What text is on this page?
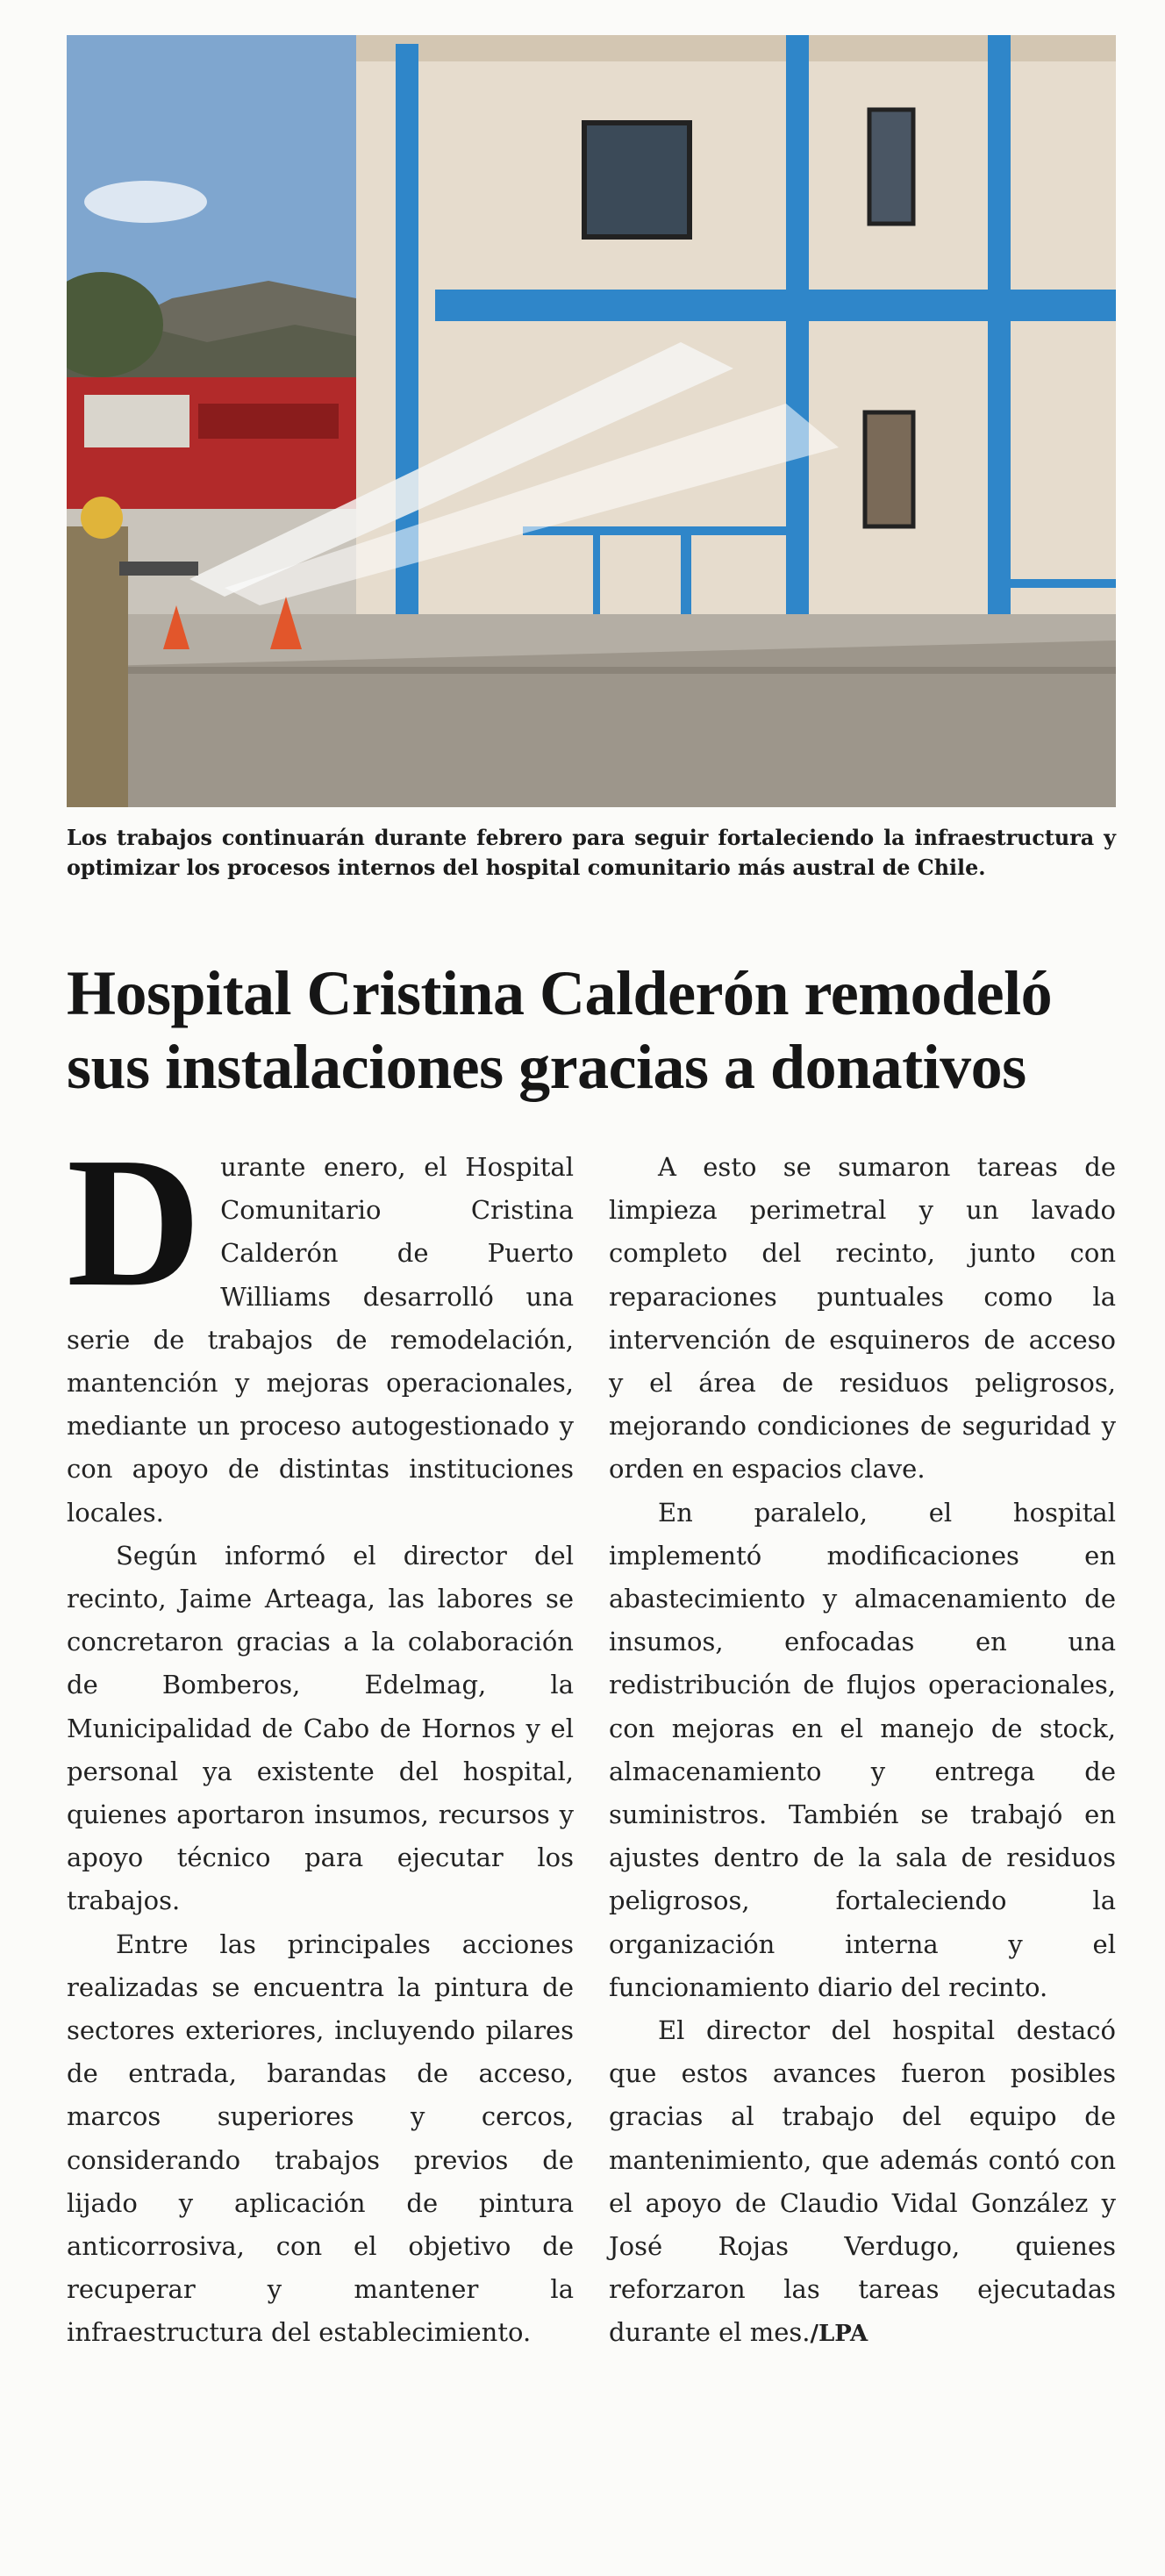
Los trabajos continuarán durante febrero para seguir fortaleciendo la infraestructura y optimizar los procesos internos del hospital comunitario más austral de Chile.
Hospital Cristina Calderón remodeló
sus instalaciones gracias a donativos

Durante enero, el Hospital Comunitario Cristina Calderón de Puerto Williams desarrolló una serie de trabajos de remodelación, mantención y mejoras operacionales, mediante un proceso autogestionado y con apoyo de distintas instituciones locales.

Según informó el director del recinto, Jaime Arteaga, las labores se concretaron gracias a la colaboración de Bomberos, Edelmag, la Municipalidad de Cabo de Hornos y el personal ya existente del hospital, quienes aportaron insumos, recursos y apoyo técnico para ejecutar los trabajos.

Entre las principales acciones realizadas se encuentra la pintura de sectores exteriores, incluyendo pilares de entrada, barandas de acceso, marcos superiores y cercos, considerando trabajos previos de lijado y aplicación de pintura anticorrosiva, con el objetivo de recuperar y mantener la infraestructura del establecimiento.

A esto se sumaron tareas de limpieza perimetral y un lavado completo del recinto, junto con reparaciones puntuales como la intervención de esquineros de acceso y el área de residuos peligrosos, mejorando condiciones de seguridad y orden en espacios clave.

En paralelo, el hospital implementó modificaciones en abastecimiento y almacenamiento de insumos, enfocadas en una redistribución de flujos operacionales, con mejoras en el manejo de stock, almacenamiento y entrega de suministros. También se trabajó en ajustes dentro de la sala de residuos peligrosos, fortaleciendo la organización interna y el funcionamiento diario del recinto.

El director del hospital destacó que estos avances fueron posibles gracias al trabajo del equipo de mantenimiento, que además contó con el apoyo de Claudio Vidal González y José Rojas Verdugo, quienes reforzaron las tareas ejecutadas durante el mes./LPA
